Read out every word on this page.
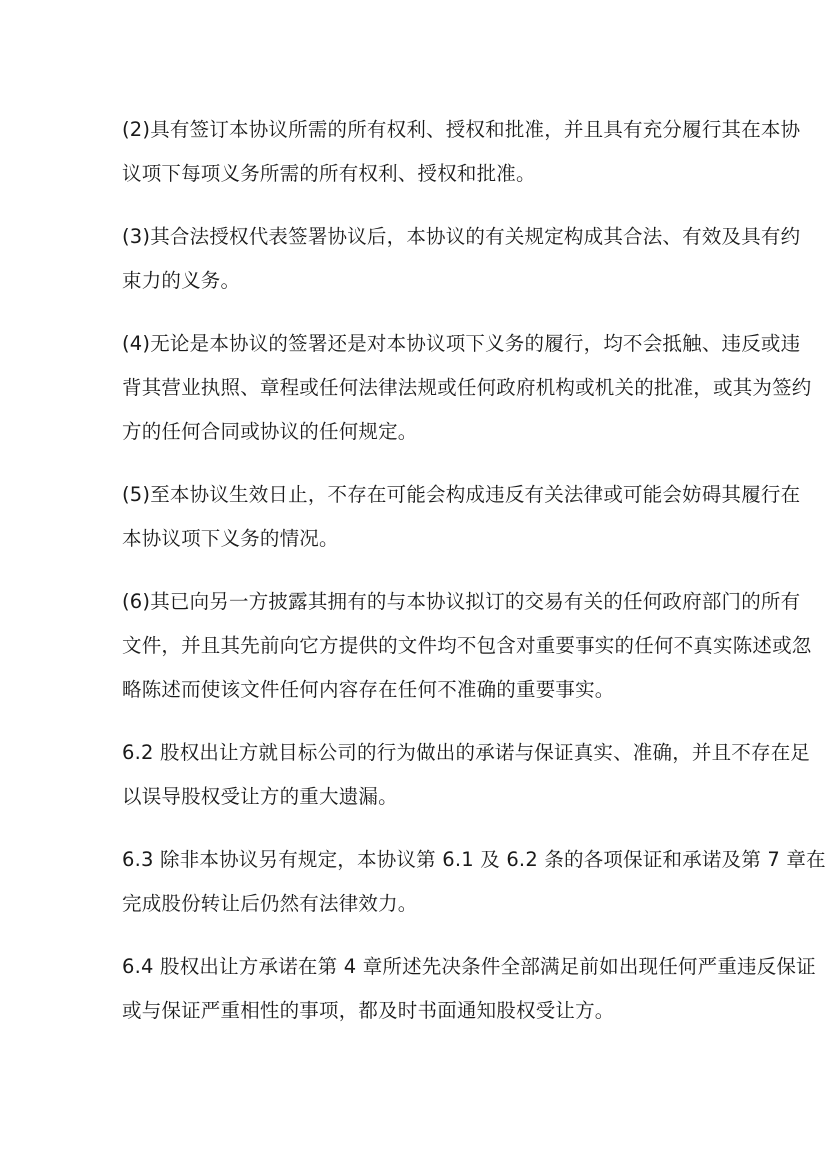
(2)具有签订本协议所需的所有权利、授权和批准，并且具有充分履行其在本协
议项下每项义务所需的所有权利、授权和批准。
(3)其合法授权代表签署协议后，本协议的有关规定构成其合法、有效及具有约
束力的义务。
(4)无论是本协议的签署还是对本协议项下义务的履行，均不会抵触、违反或违
背其营业执照、章程或任何法律法规或任何政府机构或机关的批准，或其为签约
方的任何合同或协议的任何规定。
(5)至本协议生效日止，不存在可能会构成违反有关法律或可能会妨碍其履行在
本协议项下义务的情况。
(6)其已向另一方披露其拥有的与本协议拟订的交易有关的任何政府部门的所有
文件，并且其先前向它方提供的文件均不包含对重要事实的任何不真实陈述或忽
略陈述而使该文件任何内容存在任何不准确的重要事实。
6.2 股权出让方就目标公司的行为做出的承诺与保证真实、准确，并且不存在足
以误导股权受让方的重大遗漏。
6.3 除非本协议另有规定，本协议第 6.1 及 6.2 条的各项保证和承诺及第 7 章在
完成股份转让后仍然有法律效力。
6.4 股权出让方承诺在第 4 章所述先决条件全部满足前如出现任何严重违反保证
或与保证严重相性的事项，都及时书面通知股权受让方。
